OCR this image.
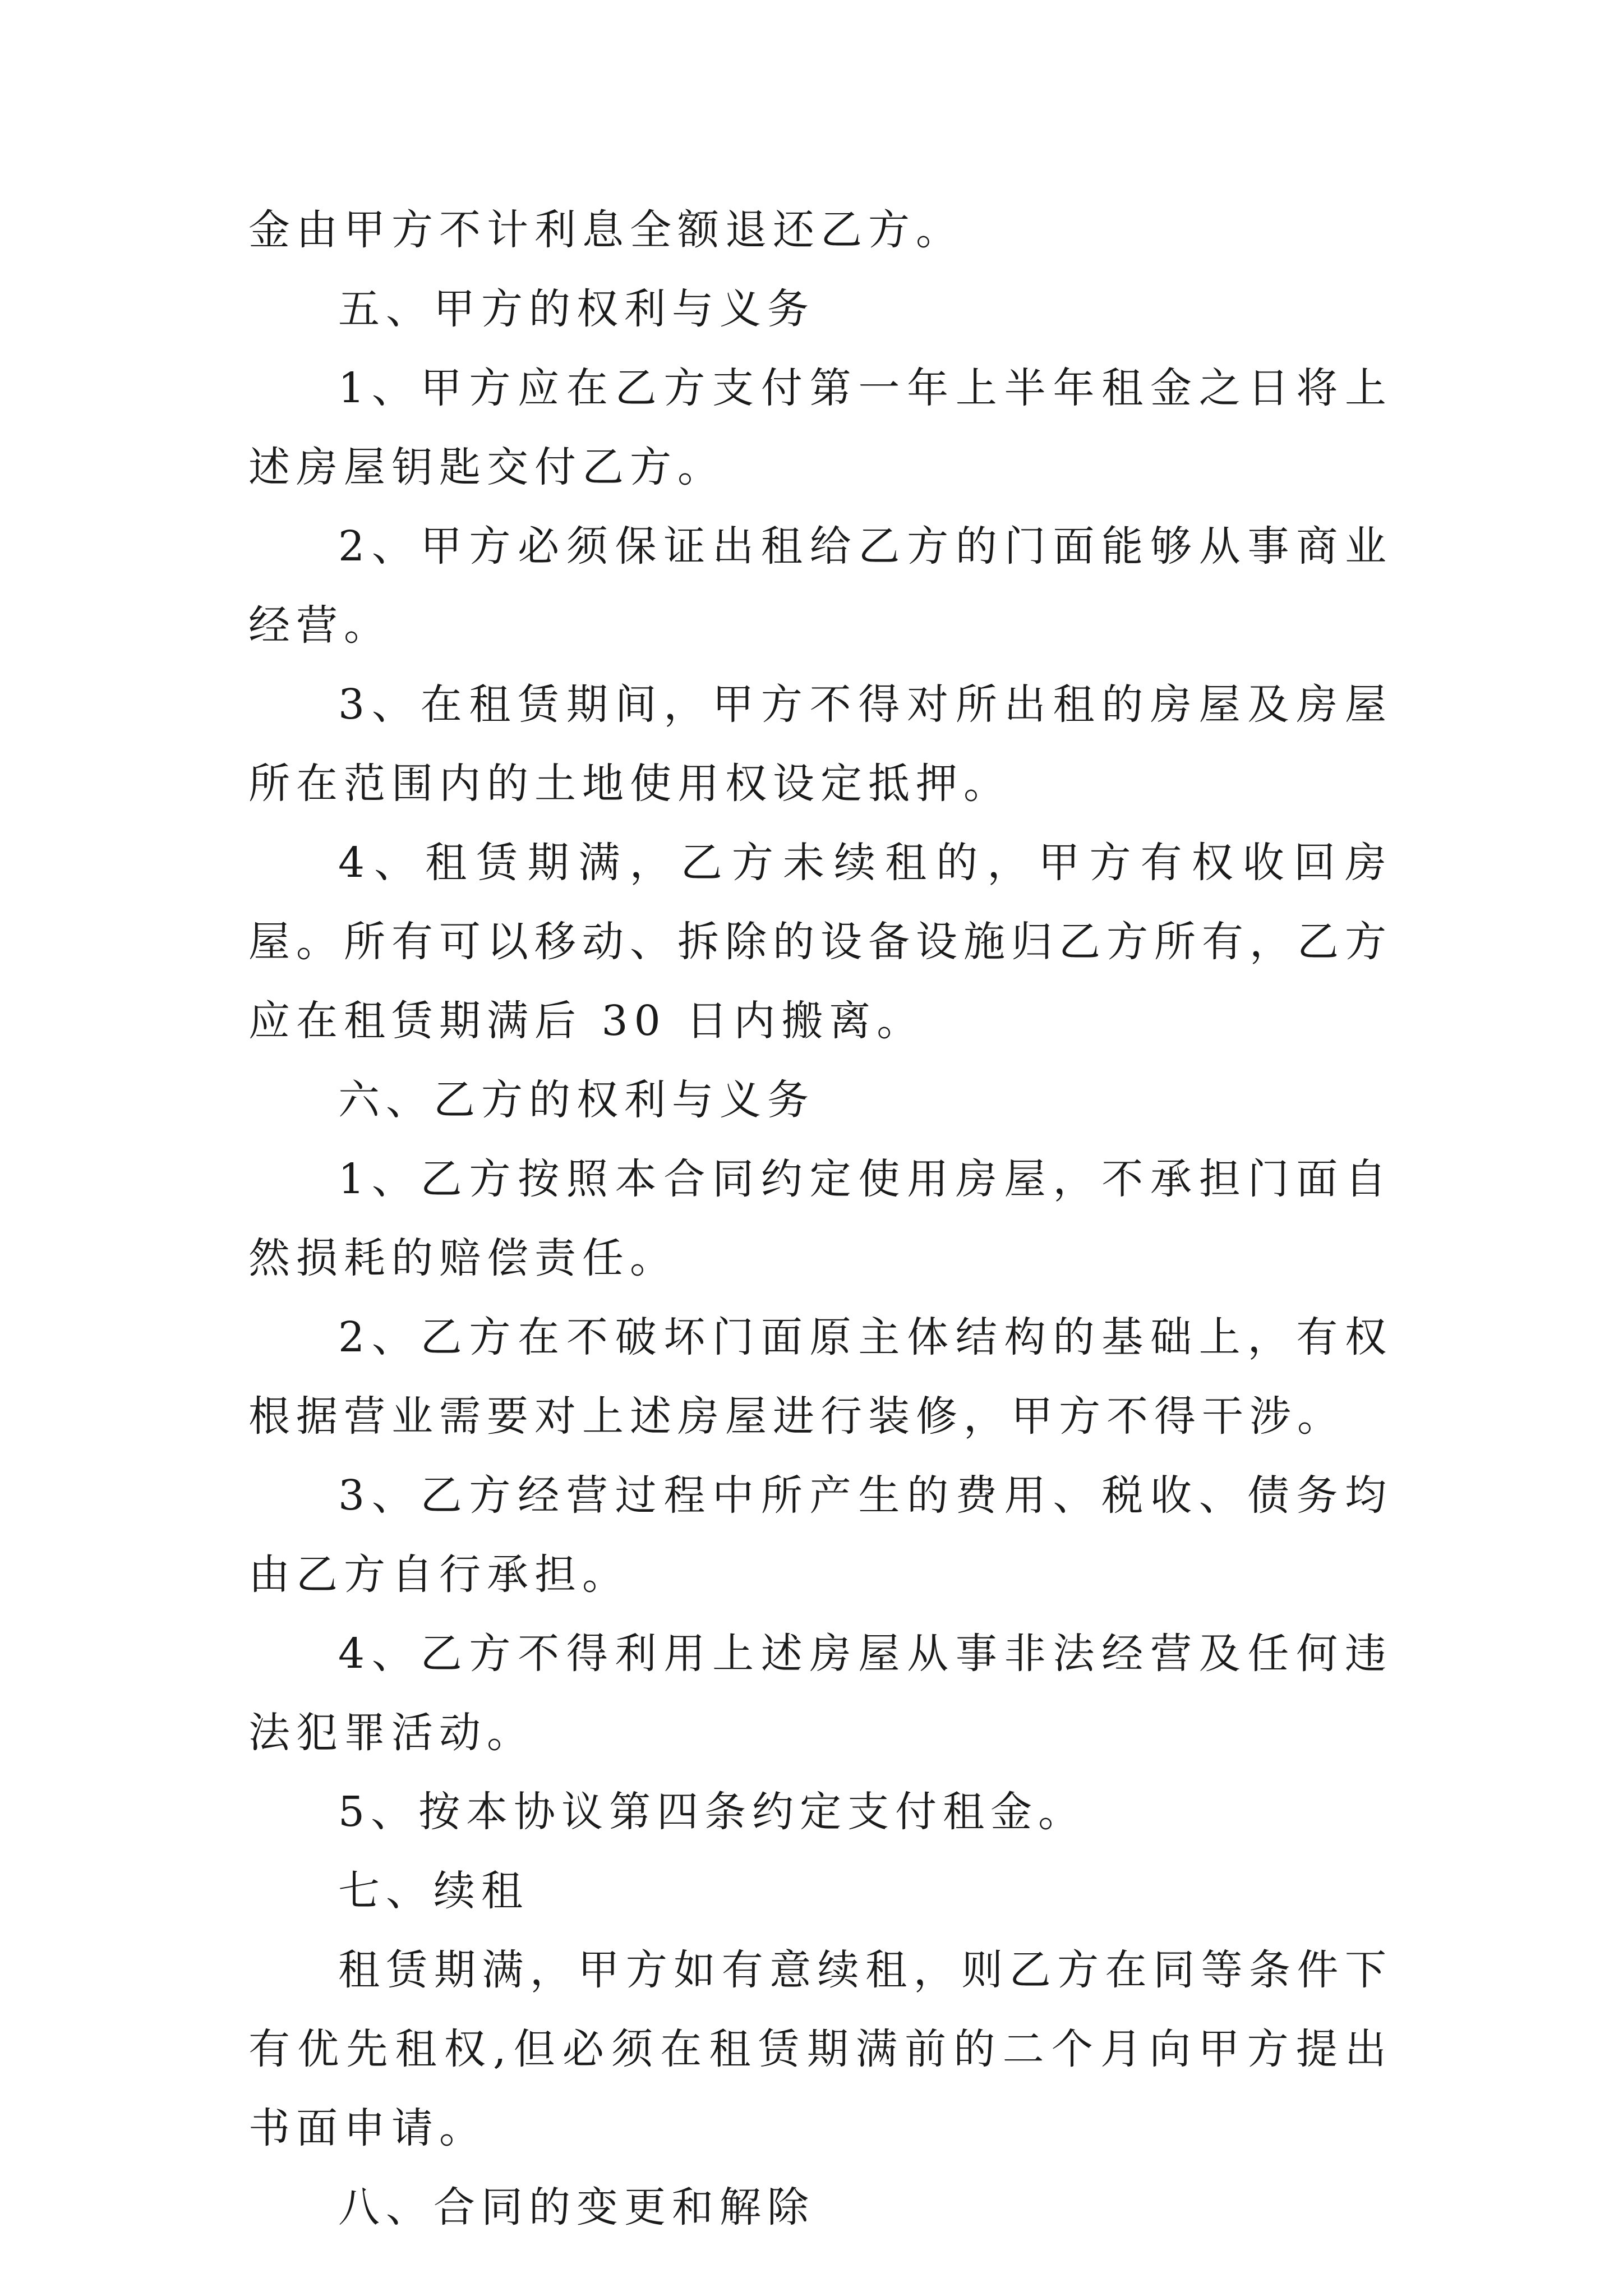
金由甲方不计利息全额退还乙方。

五、甲方的权利与义务

1、甲方应在乙方支付第一年上半年租金之日将上述房屋钥匙交付乙方。

2、甲方必须保证出租给乙方的门面能够从事商业经营。

3、在租赁期间，甲方不得对所出租的房屋及房屋所在范围内的土地使用权设定抵押。

4、租赁期满，乙方未续租的，甲方有权收回房屋。所有可以移动、拆除的设备设施归乙方所有，乙方应在租赁期满后 30 日内搬离。

六、乙方的权利与义务

1、乙方按照本合同约定使用房屋，不承担门面自然损耗的赔偿责任。

2、乙方在不破坏门面原主体结构的基础上，有权根据营业需要对上述房屋进行装修，甲方不得干涉。

3、乙方经营过程中所产生的费用、税收、债务均由乙方自行承担。

4、乙方不得利用上述房屋从事非法经营及任何违法犯罪活动。

5、按本协议第四条约定支付租金。

七、续租

租赁期满，甲方如有意续租，则乙方在同等条件下有优先租权,但必须在租赁期满前的二个月向甲方提出书面申请。

八、合同的变更和解除
